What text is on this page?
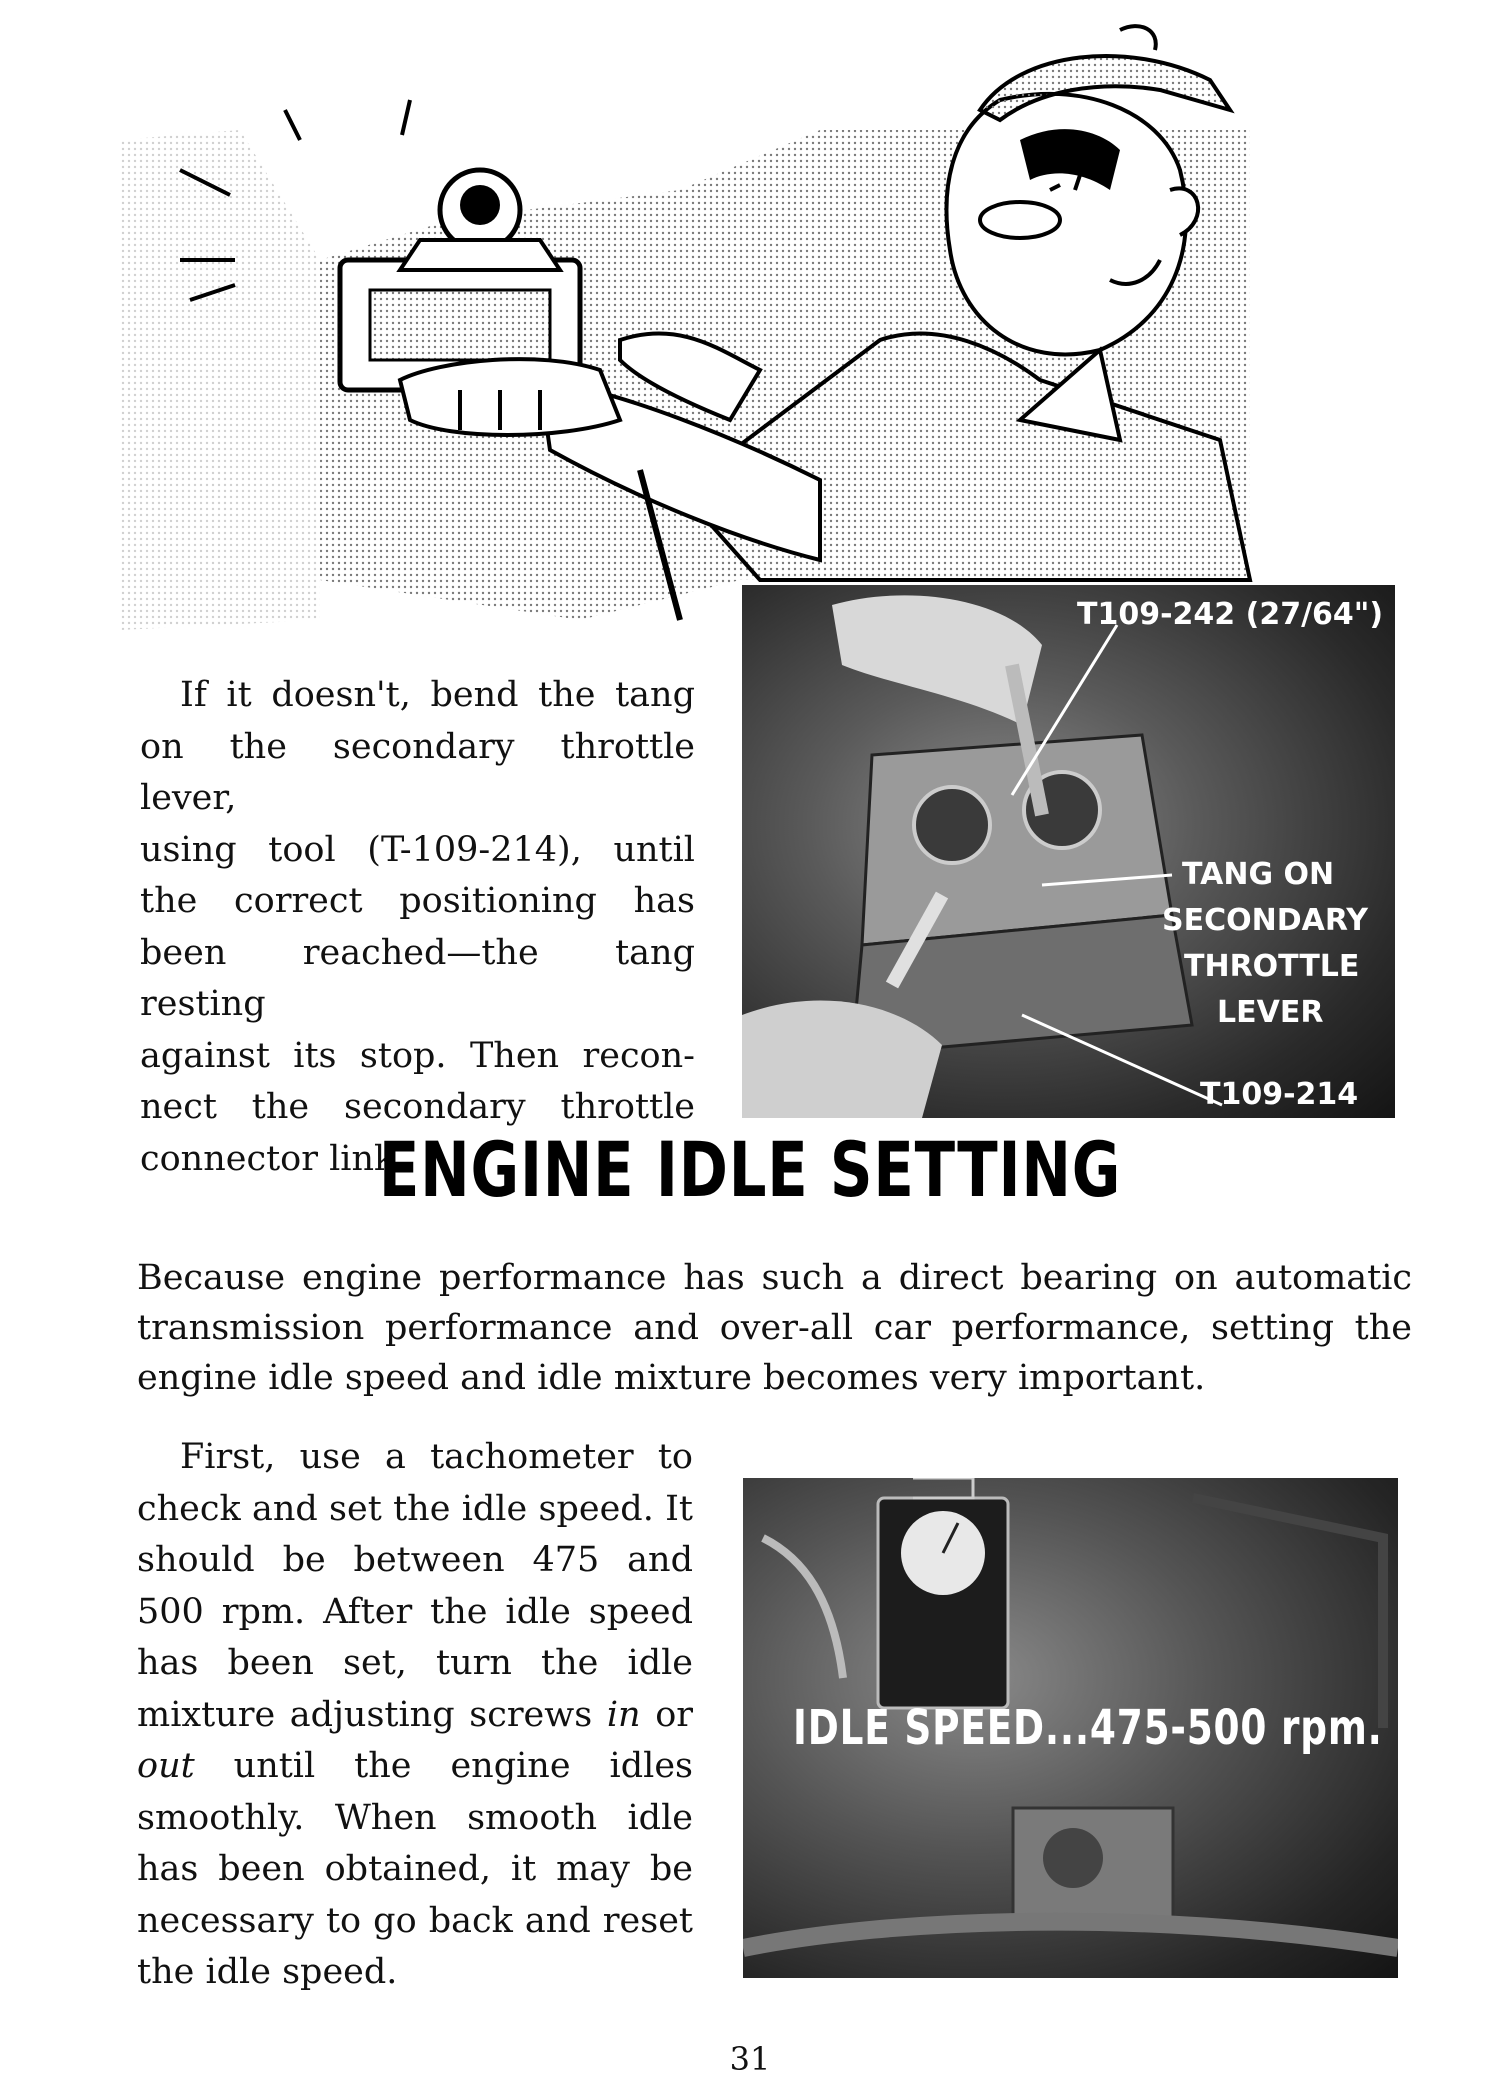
T109-242 (27/64")
TANG ON
SECONDARY
THROTTLE
LEVER
T109-214
If it doesn't, bend the tang
on the secondary throttle lever,
using tool (T-109-214), until
the correct positioning has
been reached—the tang resting
against its stop. Then recon-
nect the secondary throttle
connector link.
ENGINE IDLE SETTING
Because engine performance has such a direct bearing on automatic
transmission performance and over-all car performance, setting the
engine idle speed and idle mixture becomes very important.
IDLE SPEED...475-500 rpm.
First, use a tachometer to
check and set the idle speed. It
should be between 475 and
500 rpm. After the idle speed
has been set, turn the idle
mixture adjusting screws in or
out until the engine idles
smoothly. When smooth idle
has been obtained, it may be
necessary to go back and reset
the idle speed.
31
